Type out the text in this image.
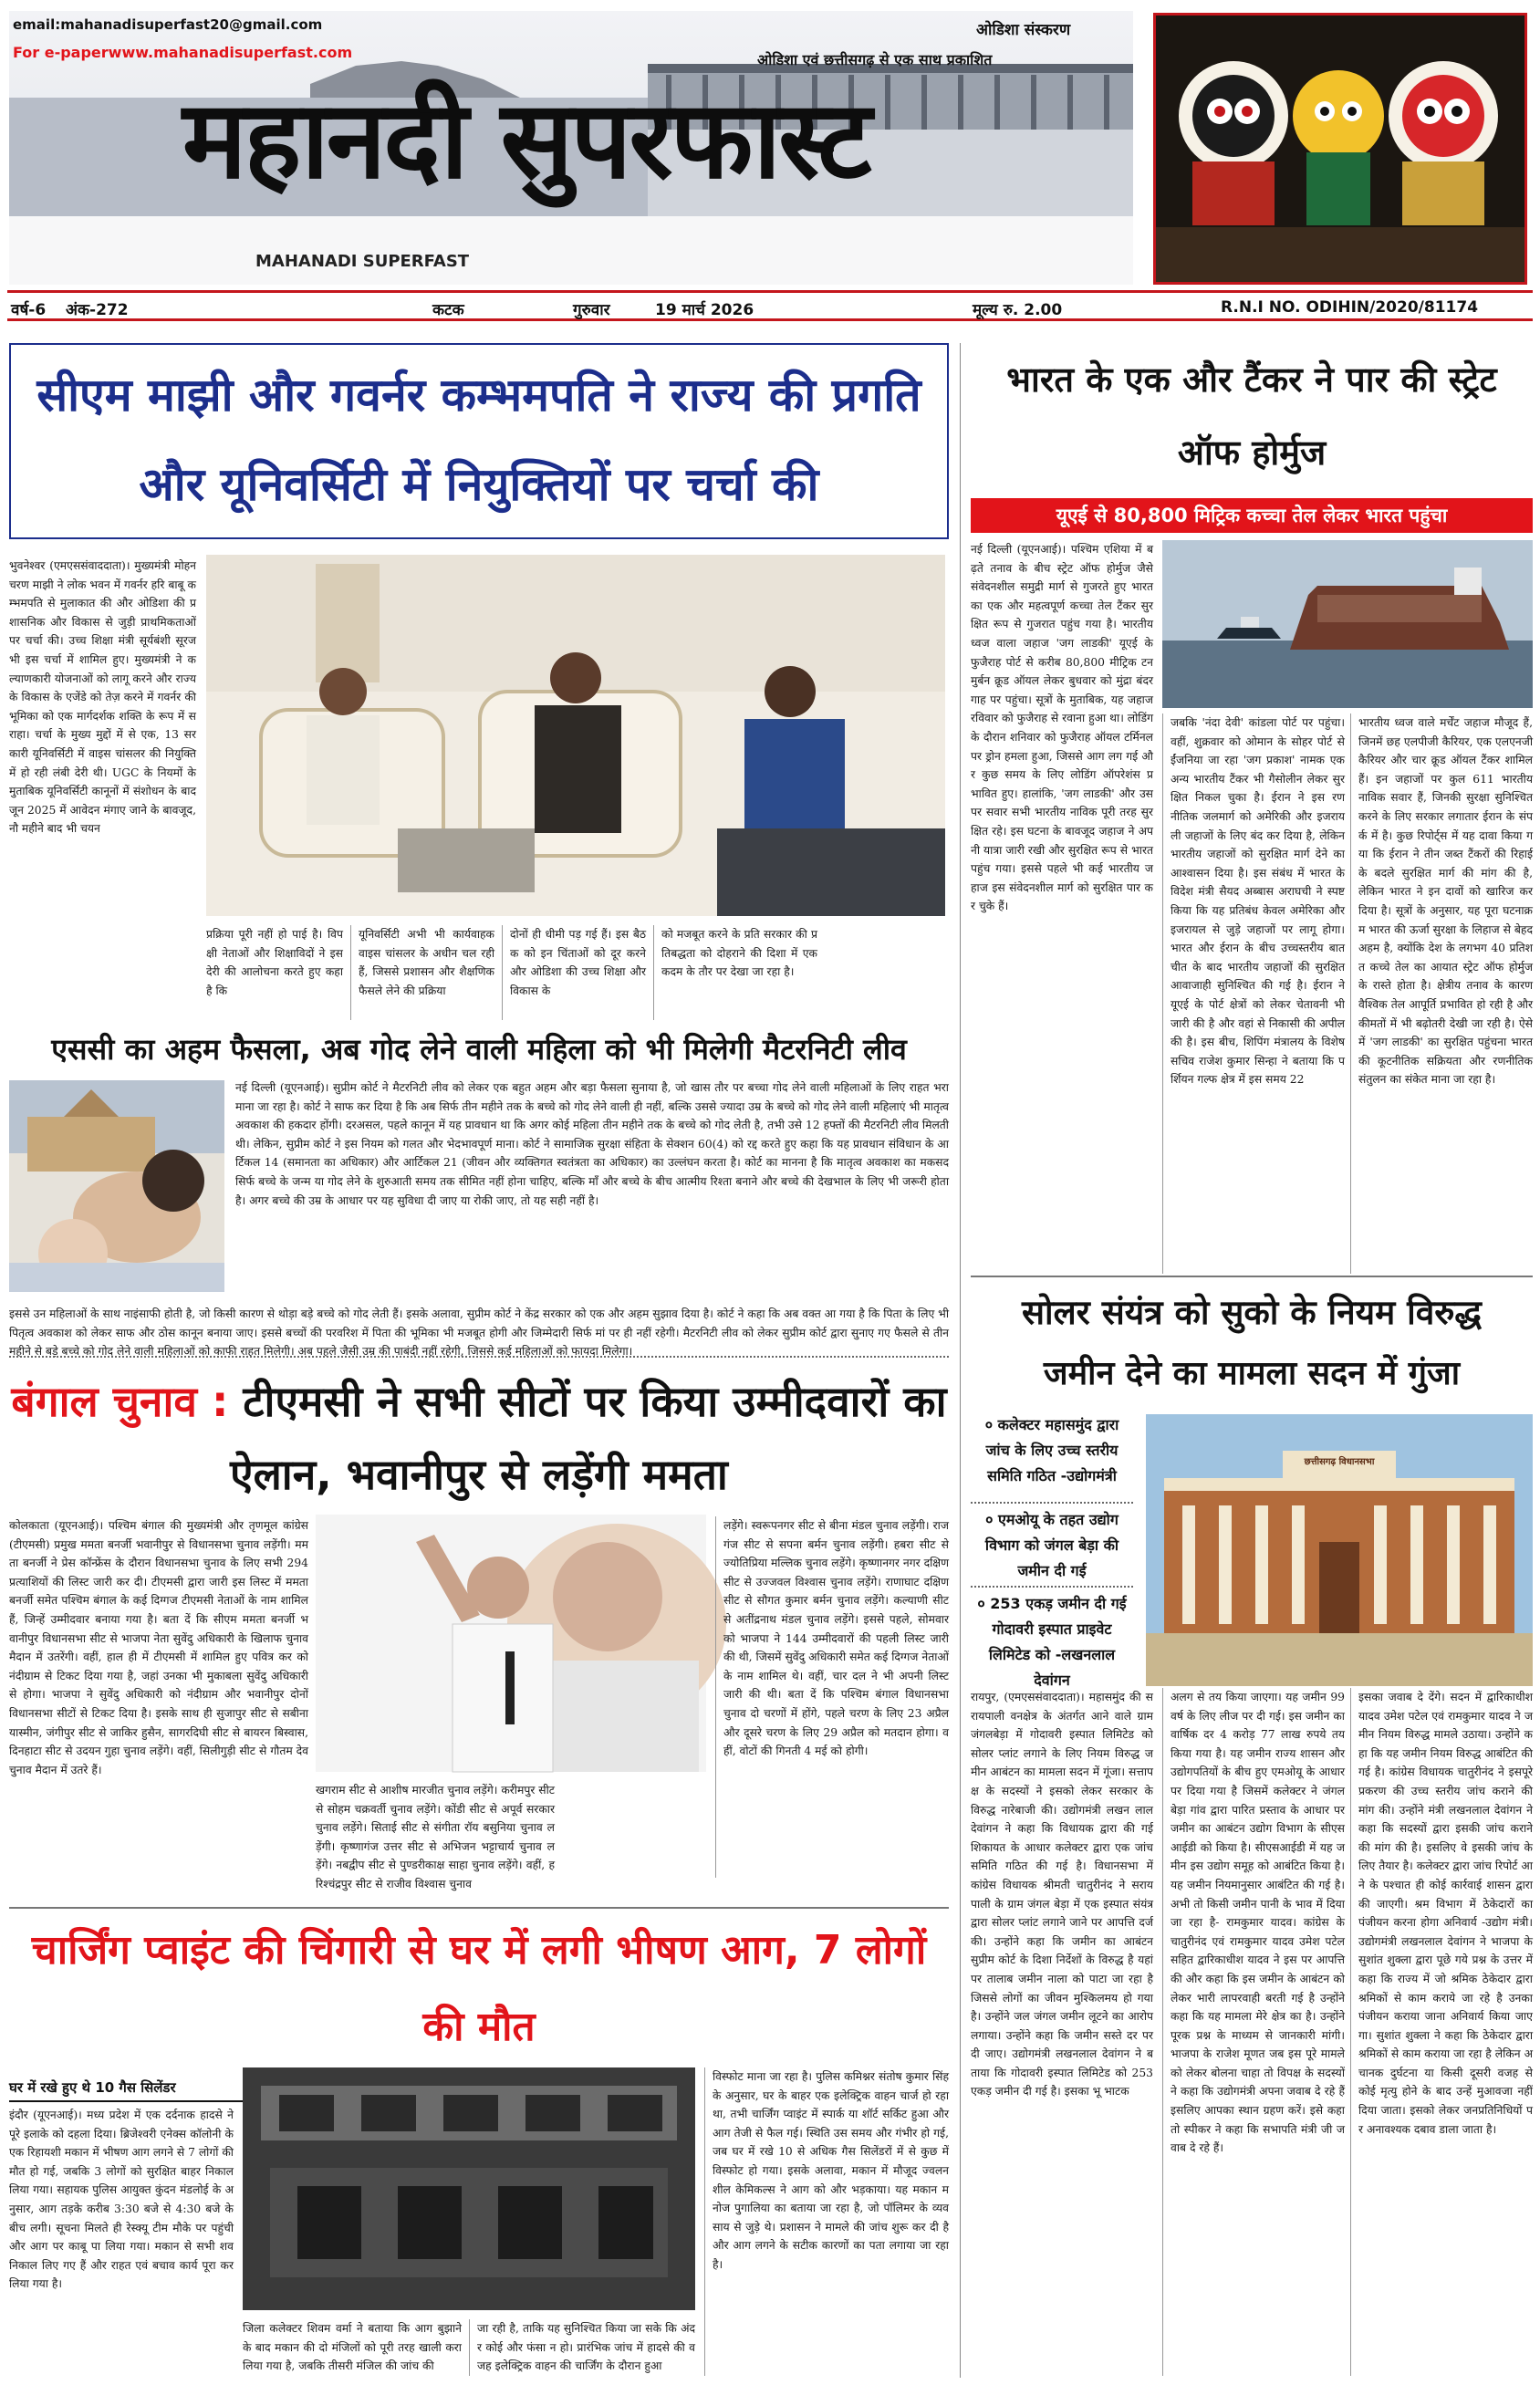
email:mahanadisuperfast20@gmail.com
For e-paperwww.mahanadisuperfast.com
ओडिशा संस्करण
ओडिशा एवं छत्तीसगढ़ से एक साथ प्रकाशित
महानदी सुपरफास्ट
MAHANADI SUPERFAST
वर्ष-6 अंक-272	कटक	गुरुवार	19 मार्च 2026	मूल्य रु. 2.00	R.N.I NO. ODIHIN/2020/81174
सीएम माझी और गवर्नर कम्भमपति ने राज्य की प्रगति और यूनिवर्सिटी में नियुक्तियों पर चर्चा की
भुवनेश्वर (एमएससंवाददाता)। मुख्यमंत्री मोहन चरण माझी ने लोक भवन में गवर्नर हरि बाबू कम्भमपति से मुलाकात की और ओडिशा की प्रशासनिक और विकास से जुड़ी प्राथमिकताओं पर चर्चा की। उच्च शिक्षा मंत्री सूर्यबंशी सूरज भी इस चर्चा में शामिल हुए। मुख्यमंत्री ने कल्याणकारी योजनाओं को लागू करने और राज्य के विकास के एजेंडे को तेज़ करने में गवर्नर की भूमिका को एक मार्गदर्शक शक्ति के रूप में सराहा। चर्चा के मुख्य मुद्दों में से एक, 13 सरकारी यूनिवर्सिटी में वाइस चांसलर की नियुक्ति में हो रही लंबी देरी थी। UGC के नियमों के मुताबिक यूनिवर्सिटी कानूनों में संशोधन के बाद जून 2025 में आवेदन मंगाए जाने के बावजूद, नौ महीने बाद भी चयन
प्रक्रिया पूरी नहीं हो पाई है। विपक्षी नेताओं और शिक्षाविदों ने इस देरी की आलोचना करते हुए कहा है कि
यूनिवर्सिटी अभी भी कार्यवाहक वाइस चांसलर के अधीन चल रही हैं, जिससे प्रशासन और शैक्षणिक फैसले लेने की प्रक्रिया
दोनों ही धीमी पड़ गई हैं। इस बैठक को इन चिंताओं को दूर करने और ओडिशा की उच्च शिक्षा और विकास के
को मजबूत करने के प्रति सरकार की प्रतिबद्धता को दोहराने की दिशा में एक कदम के तौर पर देखा जा रहा है।
एससी का अहम फैसला, अब गोद लेने वाली महिला को भी मिलेगी मैटरनिटी लीव
नई दिल्ली (यूएनआई)। सुप्रीम कोर्ट ने मैटरनिटी लीव को लेकर एक बहुत अहम और बड़ा फैसला सुनाया है, जो खास तौर पर बच्चा गोद लेने वाली महिलाओं के लिए राहत भरा माना जा रहा है। कोर्ट ने साफ कर दिया है कि अब सिर्फ तीन महीने तक के बच्चे को गोद लेने वाली ही नहीं, बल्कि उससे ज्यादा उम्र के बच्चे को गोद लेने वाली महिलाएं भी मातृत्व अवकाश की हकदार होंगी। दरअसल, पहले कानून में यह प्रावधान था कि अगर कोई महिला तीन महीने तक के बच्चे को गोद लेती है, तभी उसे 12 हफ्तों की मैटरनिटी लीव मिलती थी। लेकिन, सुप्रीम कोर्ट ने इस नियम को गलत और भेदभावपूर्ण माना। कोर्ट ने सामाजिक सुरक्षा संहिता के सेक्शन 60(4) को रद्द करते हुए कहा कि यह प्रावधान संविधान के आर्टिकल 14 (समानता का अधिकार) और आर्टिकल 21 (जीवन और व्यक्तिगत स्वतंत्रता का अधिकार) का उल्लंघन करता है। कोर्ट का मानना है कि मातृत्व अवकाश का मकसद सिर्फ बच्चे के जन्म या गोद लेने के शुरुआती समय तक सीमित नहीं होना चाहिए, बल्कि माँ और बच्चे के बीच आत्मीय रिश्ता बनाने और बच्चे की देखभाल के लिए भी जरूरी होता है। अगर बच्चे की उम्र के आधार पर यह सुविधा दी जाए या रोकी जाए, तो यह सही नहीं है।
इससे उन महिलाओं के साथ नाइंसाफी होती है, जो किसी कारण से थोड़ा बड़े बच्चे को गोद लेती हैं। इसके अलावा, सुप्रीम कोर्ट ने केंद्र सरकार को एक और अहम सुझाव दिया है। कोर्ट ने कहा कि अब वक्त आ गया है कि पिता के लिए भी पितृत्व अवकाश को लेकर साफ और ठोस कानून बनाया जाए। इससे बच्चों की परवरिश में पिता की भूमिका भी मजबूत होगी और जिम्मेदारी सिर्फ मां पर ही नहीं रहेगी। मैटरनिटी लीव को लेकर सुप्रीम कोर्ट द्वारा सुनाए गए फैसले से तीन महीने से बड़े बच्चे को गोद लेने वाली महिलाओं को काफी राहत मिलेगी। अब पहले जैसी उम्र की पाबंदी नहीं रहेगी, जिससे कई महिलाओं को फायदा मिलेगा।
बंगाल चुनाव : टीएमसी ने सभी सीटों पर किया उम्मीदवारों का ऐलान, भवानीपुर से लड़ेंगी ममता
कोलकाता (यूएनआई)। पश्चिम बंगाल की मुख्यमंत्री और तृणमूल कांग्रेस (टीएमसी) प्रमुख ममता बनर्जी भवानीपुर से विधानसभा चुनाव लड़ेंगी। ममता बनर्जी ने प्रेस कॉन्फ्रेंस के दौरान विधानसभा चुनाव के लिए सभी 294 प्रत्याशियों की लिस्ट जारी कर दी। टीएमसी द्वारा जारी इस लिस्ट में ममता बनर्जी समेत पश्चिम बंगाल के कई दिग्गज टीएमसी नेताओं के नाम शामिल हैं, जिन्हें उम्मीदवार बनाया गया है। बता दें कि सीएम ममता बनर्जी भवानीपुर विधानसभा सीट से भाजपा नेता सुवेंदु अधिकारी के खिलाफ चुनाव मैदान में उतरेंगी। वहीं, हाल ही में टीएमसी में शामिल हुए पवित्र कर को नंदीग्राम से टिकट दिया गया है, जहां उनका भी मुकाबला सुवेंदु अधिकारी से होगा। भाजपा ने सुवेंदु अधिकारी को नंदीग्राम और भवानीपुर दोनों विधानसभा सीटों से टिकट दिया है। इसके साथ ही सुजापुर सीट से सबीना यास्मीन, जंगीपुर सीट से जाकिर हुसैन, सागरदिघी सीट से बायरन बिस्वास, दिनहाटा सीट से उदयन गुहा चुनाव लड़ेंगे। वहीं, सिलीगुड़ी सीट से गौतम देव चुनाव मैदान में उतरे हैं।
खगराम सीट से आशीष मारजीत चुनाव लड़ेंगे। करीमपुर सीट से सोहम चक्रवर्ती चुनाव लड़ेंगे। कोंडी सीट से अपूर्व सरकार चुनाव लड़ेंगे। सिताई सीट से संगीता रॉय बसुनिया चुनाव लड़ेंगी। कृष्णागंज उत्तर सीट से अभिजन भट्टाचार्य चुनाव लड़ेंगे। नबद्वीप सीट से पुण्डरीकाक्ष साहा चुनाव लड़ेंगे। वहीं, हरिश्चंद्रपुर सीट से राजीव विश्वास चुनाव
लड़ेंगे। स्वरूपनगर सीट से बीना मंडल चुनाव लड़ेंगी। राजगंज सीट से सपना बर्मन चुनाव लड़ेंगी। हबरा सीट से ज्योतिप्रिया मल्लिक चुनाव लड़ेंगे। कृष्णानगर नगर दक्षिण सीट से उज्जवल विश्वास चुनाव लड़ेंगे। राणाघाट दक्षिण सीट से सौगत कुमार बर्मन चुनाव लड़ेंगे। कल्याणी सीट से अतींद्रनाथ मंडल चुनाव लड़ेंगे। इससे पहले, सोमवार को भाजपा ने 144 उम्मीदवारों की पहली लिस्ट जारी की थी, जिसमें सुवेंदु अधिकारी समेत कई दिग्गज नेताओं के नाम शामिल थे। वहीं, चार दल ने भी अपनी लिस्ट जारी की थी। बता दें कि पश्चिम बंगाल विधानसभा चुनाव दो चरणों में होंगे, पहले चरण के लिए 23 अप्रैल और दूसरे चरण के लिए 29 अप्रैल को मतदान होगा। वहीं, वोटों की गिनती 4 मई को होगी।
चार्जिंग प्वाइंट की चिंगारी से घर में लगी भीषण आग, 7 लोगों की मौत
घर में रखे हुए थे 10 गैस सिलेंडर
इंदौर (यूएनआई)। मध्य प्रदेश में एक दर्दनाक हादसे ने पूरे इलाके को दहला दिया। ब्रिजेश्वरी एनेक्स कॉलोनी के एक रिहायशी मकान में भीषण आग लगने से 7 लोगों की मौत हो गई, जबकि 3 लोगों को सुरक्षित बाहर निकाल लिया गया। सहायक पुलिस आयुक्त कुंदन मंडलोई के अनुसार, आग तड़के करीब 3:30 बजे से 4:30 बजे के बीच लगी। सूचना मिलते ही रेस्क्यू टीम मौके पर पहुंची और आग पर काबू पा लिया गया। मकान से सभी शव निकाल लिए गए हैं और राहत एवं बचाव कार्य पूरा कर लिया गया है।
जिला कलेक्टर शिवम वर्मा ने बताया कि आग बुझाने के बाद मकान की दो मंजिलों को पूरी तरह खाली करा लिया गया है, जबकि तीसरी मंजिल की जांच की
जा रही है, ताकि यह सुनिश्चित किया जा सके कि अंदर कोई और फंसा न हो। प्रारंभिक जांच में हादसे की वजह इलेक्ट्रिक वाहन की चार्जिंग के दौरान हुआ
विस्फोट माना जा रहा है। पुलिस कमिश्नर संतोष कुमार सिंह के अनुसार, घर के बाहर एक इलेक्ट्रिक वाहन चार्ज हो रहा था, तभी चार्जिंग प्वाइंट में स्पार्क या शॉर्ट सर्किट हुआ और आग तेजी से फैल गई। स्थिति उस समय और गंभीर हो गई, जब घर में रखे 10 से अधिक गैस सिलेंडरों में से कुछ में विस्फोट हो गया। इसके अलावा, मकान में मौजूद ज्वलनशील केमिकल्स ने आग को और भड़काया। यह मकान मनोज पुगालिया का बताया जा रहा है, जो पॉलिमर के व्यवसाय से जुड़े थे। प्रशासन ने मामले की जांच शुरू कर दी है और आग लगने के सटीक कारणों का पता लगाया जा रहा है।
भारत के एक और टैंकर ने पार की स्ट्रेट ऑफ होर्मुज
यूएई से 80,800 मिट्रिक कच्चा तेल लेकर भारत पहुंचा
नई दिल्ली (यूएनआई)। पश्चिम एशिया में बढ़ते तनाव के बीच स्ट्रेट ऑफ होर्मुज जैसे संवेदनशील समुद्री मार्ग से गुजरते हुए भारत का एक और महत्वपूर्ण कच्चा तेल टैंकर सुरक्षित रूप से गुजरात पहुंच गया है। भारतीय ध्वज वाला जहाज 'जग लाडकी' यूएई के फुजैराह पोर्ट से करीब 80,800 मीट्रिक टन मुर्बन क्रूड ऑयल लेकर बुधवार को मुंद्रा बंदरगाह पर पहुंचा। सूत्रों के मुताबिक, यह जहाज रविवार को फुजैराह से रवाना हुआ था। लोडिंग के दौरान शनिवार को फुजैराह ऑयल टर्मिनल पर ड्रोन हमला हुआ, जिससे आग लग गई और कुछ समय के लिए लोडिंग ऑपरेशंस प्रभावित हुए। हालांकि, 'जग लाडकी' और उस पर सवार सभी भारतीय नाविक पूरी तरह सुरक्षित रहे। इस घटना के बावजूद जहाज ने अपनी यात्रा जारी रखी और सुरक्षित रूप से भारत पहुंच गया। इससे पहले भी कई भारतीय जहाज इस संवेदनशील मार्ग को सुरक्षित पार कर चुके हैं।
जबकि 'नंदा देवी' कांडला पोर्ट पर पहुंचा। वहीं, शुक्रवार को ओमान के सोहर पोर्ट से ईंजनिया जा रहा 'जग प्रकाश' नामक एक अन्य भारतीय टैंकर भी गैसोलीन लेकर सुरक्षित निकल चुका है। ईरान ने इस रणनीतिक जलमार्ग को अमेरिकी और इजरायली जहाजों के लिए बंद कर दिया है, लेकिन भारतीय जहाजों को सुरक्षित मार्ग देने का आश्वासन दिया है। इस संबंध में भारत के विदेश मंत्री सैयद अब्बास अराघची ने स्पष्ट किया कि यह प्रतिबंध केवल अमेरिका और इजरायल से जुड़े जहाजों पर लागू होगा। भारत और ईरान के बीच उच्चस्तरीय बातचीत के बाद भारतीय जहाजों की सुरक्षित आवाजाही सुनिश्चित की गई है। ईरान ने यूएई के पोर्ट क्षेत्रों को लेकर चेतावनी भी जारी की है और वहां से निकासी की अपील की है। इस बीच, शिपिंग मंत्रालय के विशेष सचिव राजेश कुमार सिन्हा ने बताया कि पर्शियन गल्फ क्षेत्र में इस समय 22
भारतीय ध्वज वाले मर्चेंट जहाज मौजूद हैं, जिनमें छह एलपीजी कैरियर, एक एलएनजी कैरियर और चार क्रूड ऑयल टैंकर शामिल हैं। इन जहाजों पर कुल 611 भारतीय नाविक सवार हैं, जिनकी सुरक्षा सुनिश्चित करने के लिए सरकार लगातार ईरान के संपर्क में है। कुछ रिपोर्ट्स में यह दावा किया गया कि ईरान ने तीन जब्त टैंकरों की रिहाई के बदले सुरक्षित मार्ग की मांग की है, लेकिन भारत ने इन दावों को खारिज कर दिया है। सूत्रों के अनुसार, यह पूरा घटनाक्रम भारत की ऊर्जा सुरक्षा के लिहाज से बेहद अहम है, क्योंकि देश के लगभग 40 प्रतिशत कच्चे तेल का आयात स्ट्रेट ऑफ होर्मुज के रास्ते होता है। क्षेत्रीय तनाव के कारण वैश्विक तेल आपूर्ति प्रभावित हो रही है और कीमतों में भी बढ़ोतरी देखी जा रही है। ऐसे में 'जग लाडकी' का सुरक्षित पहुंचना भारत की कूटनीतिक सक्रियता और रणनीतिक संतुलन का संकेत माना जा रहा है।
सोलर संयंत्र को सुको के नियम विरुद्ध
जमीन देने का मामला सदन में गुंजा
० कलेक्टर महासमुंद द्वारा जांच के लिए उच्च स्तरीय समिति गठित -उद्योगमंत्री
० एमओयू के तहत उद्योग विभाग को जंगल बेड़ा की जमीन दी गई
० 253 एकड़ जमीन दी गई गोदावरी इस्पात प्राइवेट लिमिटेड को -लखनलाल देवांगन
छत्तीसगढ़ विधानसभा
रायपुर, (एमएससंवाददाता)। महासमुंद की सरायपाली वनक्षेत्र के अंतर्गत आने वाले ग्राम जंगलबेड़ा में गोदावरी इस्पात लिमिटेड को सोलर प्लांट लगाने के लिए नियम विरुद्ध जमीन आबंटन का मामला सदन में गूंजा। सत्तापक्ष के सदस्यों ने इसको लेकर सरकार के विरुद्ध नारेबाजी की। उद्योगमंत्री लखन लाल देवांगन ने कहा कि विधायक द्वारा की गई शिकायत के आधार कलेक्टर द्वारा एक जांच समिति गठित की गई है। विधानसभा में कांग्रेस विधायक श्रीमती चातुरीनंद ने सरायपाली के ग्राम जंगल बेड़ा में एक इस्पात संयंत्र द्वारा सोलर प्लांट लगाने जाने पर आपत्ति दर्ज की। उन्होंने कहा कि जमीन का आबंटन सुप्रीम कोर्ट के दिशा निर्देशों के विरुद्ध है यहां पर तालाब जमीन नाला को पाटा जा रहा है जिससे लोगों का जीवन मुश्किलमय हो गया है। उन्होंने जल जंगल जमीन लूटने का आरोप लगाया। उन्होंने कहा कि जमीन सस्ते दर पर दी जाए। उद्योगमंत्री लखनलाल देवांगन ने बताया कि गोदावरी इस्पात लिमिटेड को 253 एकड़ जमीन दी गई है। इसका भू भाटक
अलग से तय किया जाएगा। यह जमीन 99 वर्ष के लिए लीज पर दी गई। इस जमीन का वार्षिक दर 4 करोड़ 77 लाख रुपये तय किया गया है। यह जमीन राज्य शासन और उद्योगपतियों के बीच हुए एमओयू के आधार पर दिया गया है जिसमें कलेक्टर ने जंगल बेड़ा गांव द्वारा पारित प्रस्ताव के आधार पर जमीन का आबंटन उद्योग विभाग के सीएसआईडी को किया है। सीएसआईडी में यह जमीन इस उद्योग समूह को आबंटित किया है। यह जमीन नियमानुसार आबंटित की गई है। अभी तो किसी जमीन पानी के भाव में दिया जा रहा है- रामकुमार यादव। कांग्रेस के चातुरीनंद एवं रामकुमार यादव उमेश पटेल सहित द्वारिकाधीश यादव ने इस पर आपत्ति की और कहा कि इस जमीन के आबंटन को लेकर भारी लापरवाही बरती गई है उन्होंने कहा कि यह मामला मेरे क्षेत्र का है। उन्होंने पूरक प्रश्न के माध्यम से जानकारी मांगी। भाजपा के राजेश मूणत जब इस पूरे मामले को लेकर बोलना चाहा तो विपक्ष के सदस्यों ने कहा कि उद्योगमंत्री अपना जवाब दे रहे हैं इसलिए आपका स्थान ग्रहण करें। इसे कहा तो स्पीकर ने कहा कि सभापति मंत्री जी जवाब दे रहे हैं।
इसका जवाब दे देंगे। सदन में द्वारिकाधीश यादव उमेश पटेल एवं रामकुमार यादव ने जमीन नियम विरुद्ध मामले उठाया। उन्होंने कहा कि यह जमीन नियम विरुद्ध आबंटित की गई है। कांग्रेस विधायक चातुरीनंद ने इसपूरे प्रकरण की उच्च स्तरीय जांच कराने की मांग की। उन्होंने मंत्री लखनलाल देवांगन ने कहा कि सदस्यों द्वारा इसकी जांच कराने की मांग की है। इसलिए वे इसकी जांच के लिए तैयार है। कलेक्टर द्वारा जांच रिपोर्ट आने के पश्चात ही कोई कार्रवाई शासन द्वारा की जाएगी। श्रम विभाग में ठेकेदारों का पंजीयन करना होगा अनिवार्य -उद्योग मंत्री। उद्योगमंत्री लखनलाल देवांगन ने भाजपा के सुशांत शुक्ला द्वारा पूछे गये प्रश्न के उत्तर में कहा कि राज्य में जो श्रमिक ठेकेदार द्वारा श्रमिकों से काम कराये जा रहे है उनका पंजीयन कराया जाना अनिवार्य किया जाएगा। सुशांत शुक्ला ने कहा कि ठेकेदार द्वारा श्रमिकों से काम कराया जा रहा है लेकिन अचानक दुर्घटना या किसी दूसरी वजह से कोई मृत्यु होने के बाद उन्हें मुआवजा नहीं दिया जाता। इसको लेकर जनप्रतिनिधियों पर अनावश्यक दबाव डाला जाता है।
